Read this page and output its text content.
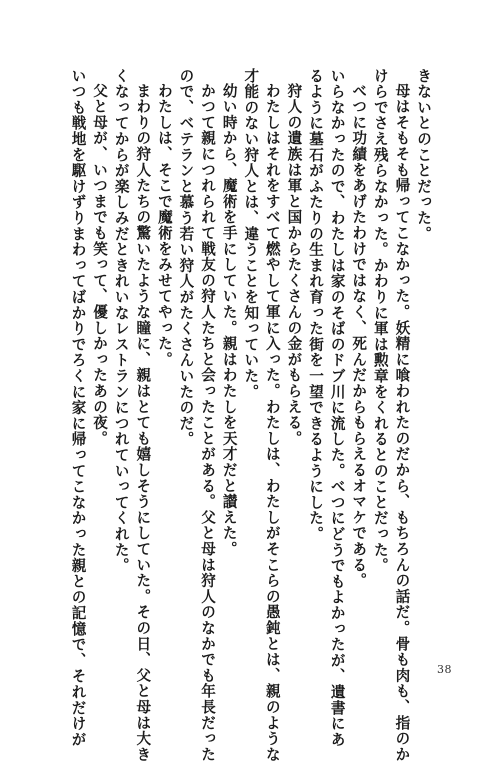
きないとのことだった。

母はそもそも帰ってこなかった。妖精に喰われたのだから、もちろんの話だ。骨も肉も、指のか

けらでさえ残らなかった。かわりに軍は勲章をくれるとのことだった。

べつに功績をあげたわけではなく、死んだからもらえるオマケである。

いらなかったので、わたしは家のそばのドブ川に流した。べつにどうでもよかったが、遺書にあ

るように墓石がふたりの生まれ育った街を一望できるようにした。

狩人の遺族は軍と国からたくさんの金がもらえる。

わたしはそれをすべて燃やして軍に入った。わたしは、わたしがそこらの愚鈍とは、親のような

才能のない狩人とは、違うことを知っていた。

幼い時から、魔術を手にしていた。親はわたしを天才だと讃えた。

かつて親につれられて戦友の狩人たちと会ったことがある。父と母は狩人のなかでも年長だった

ので、ベテランと慕う若い狩人がたくさんいたのだ。

わたしは、そこで魔術をみせてやった。

まわりの狩人たちの驚いたような瞳に、親はとても嬉しそうにしていた。その日、父と母は大き

くなってからが楽しみだときれいなレストランにつれていってくれた。

父と母が、いつまでも笑って、優しかったあの夜。

いつも戦地を駆けずりまわってばかりでろくに家に帰ってこなかった親との記憶で、それだけが	38
